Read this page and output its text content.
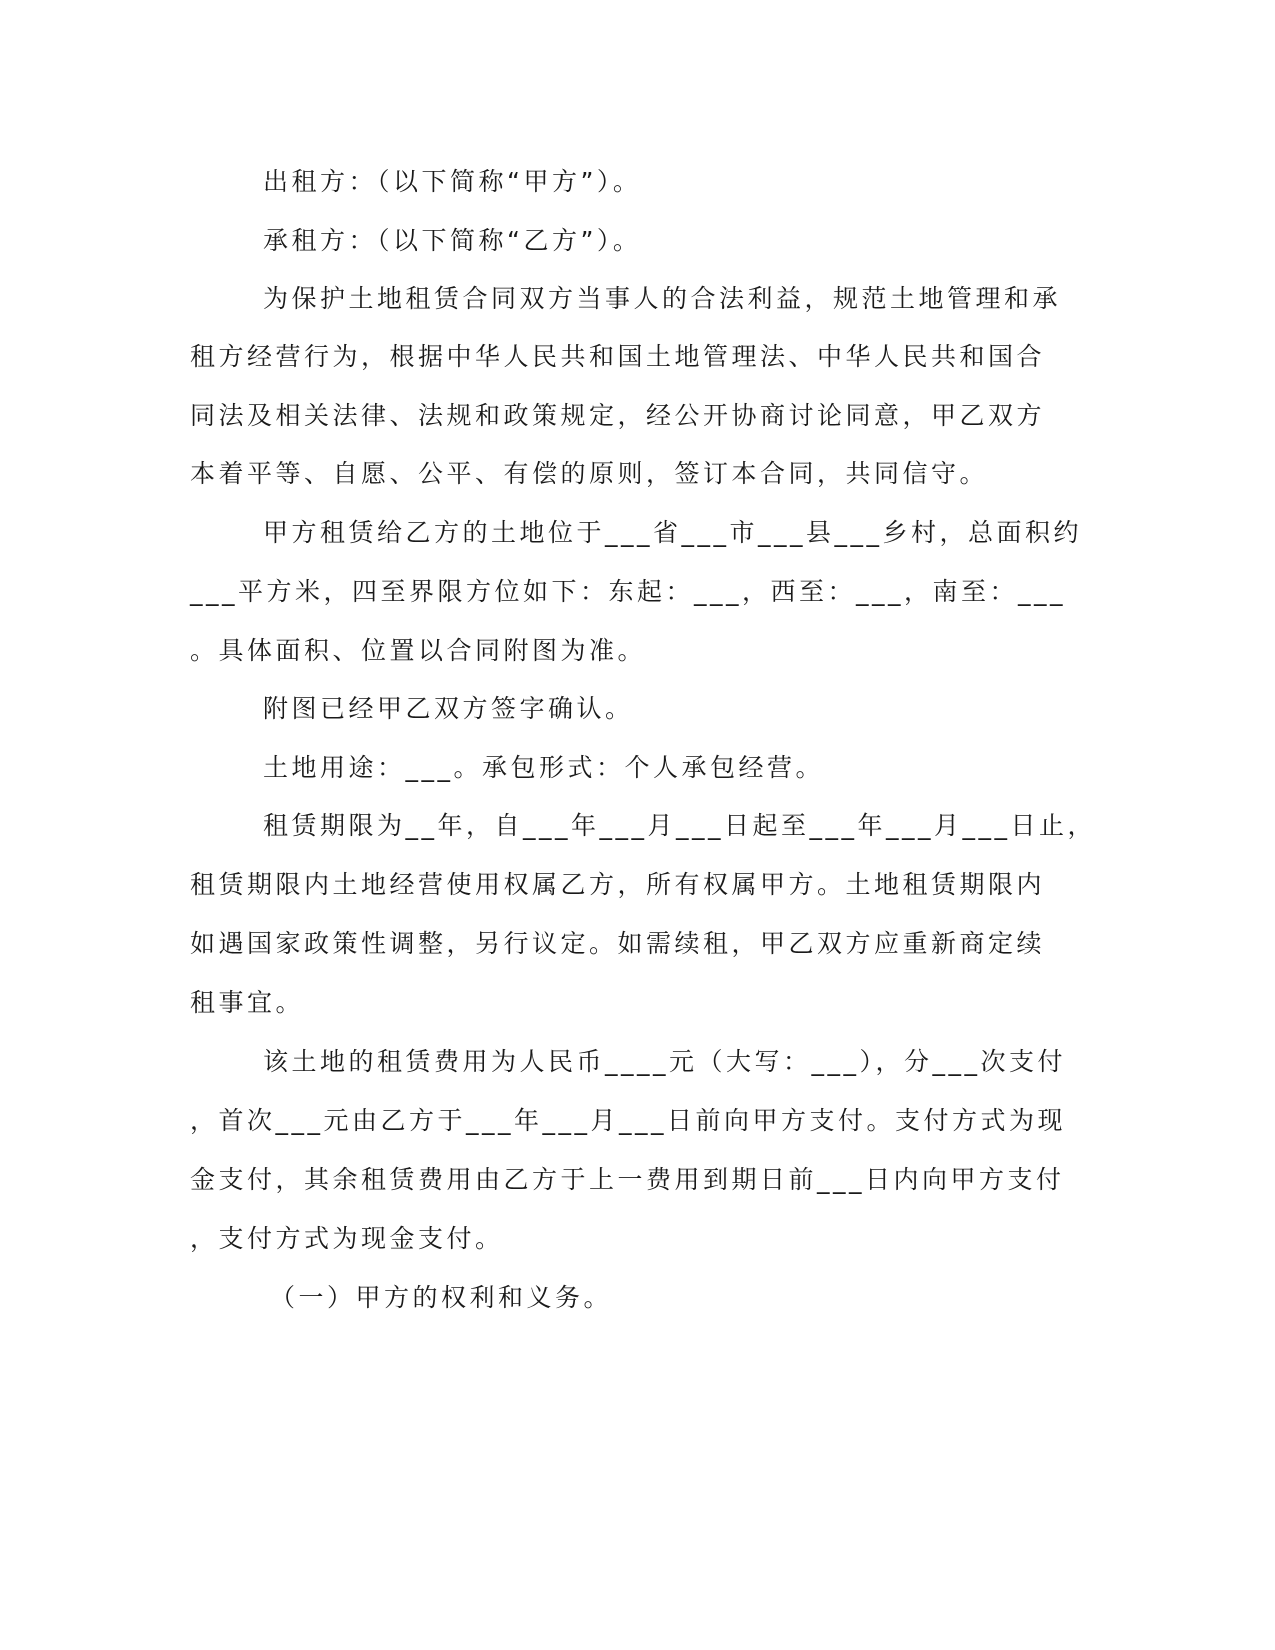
出租方：（以下简称“甲方”）。
承租方：（以下简称“乙方”）。
为保护土地租赁合同双方当事人的合法利益，规范土地管理和承
租方经营行为，根据中华人民共和国土地管理法、中华人民共和国合
同法及相关法律、法规和政策规定，经公开协商讨论同意，甲乙双方
本着平等、自愿、公平、有偿的原则，签订本合同，共同信守。
甲方租赁给乙方的土地位于___省___市___县___乡村，总面积约
___平方米，四至界限方位如下：东起：___，西至：___，南至：___
。具体面积、位置以合同附图为准。
附图已经甲乙双方签字确认。
土地用途：___。承包形式：个人承包经营。
租赁期限为__年，自___年___月___日起至___年___月___日止，
租赁期限内土地经营使用权属乙方，所有权属甲方。土地租赁期限内
如遇国家政策性调整，另行议定。如需续租，甲乙双方应重新商定续
租事宜。
该土地的租赁费用为人民币____元（大写：___），分___次支付
，首次___元由乙方于___年___月___日前向甲方支付。支付方式为现
金支付，其余租赁费用由乙方于上一费用到期日前___日内向甲方支付
，支付方式为现金支付。
（一）甲方的权利和义务。
